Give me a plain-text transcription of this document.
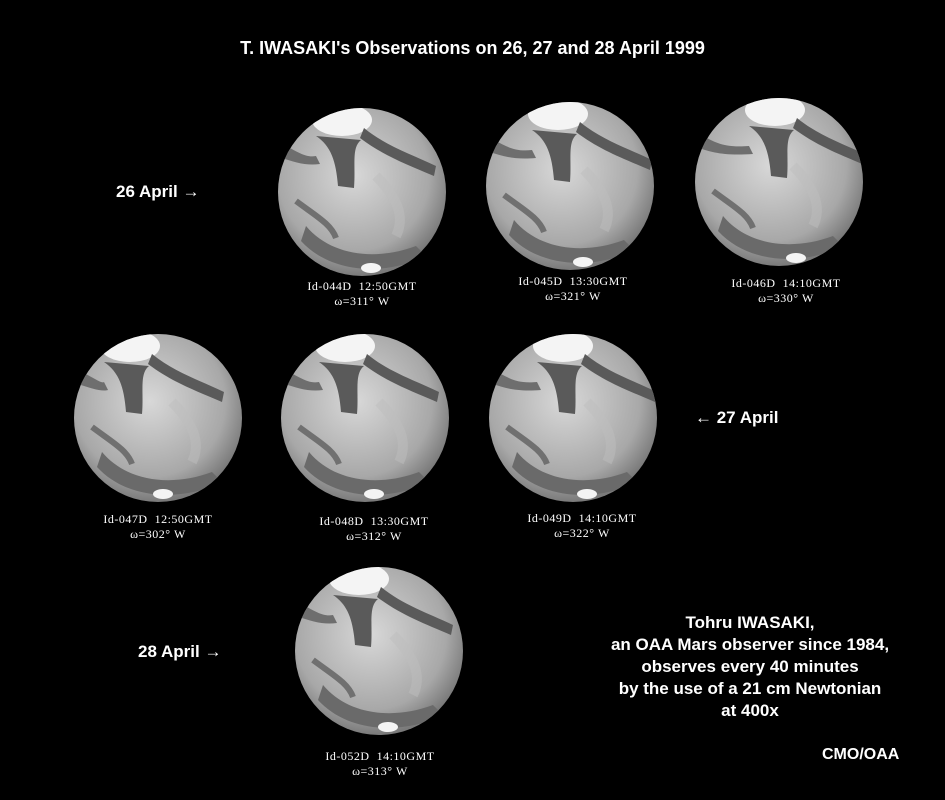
T. IWASAKI's Observations on 26, 27 and 28 April 1999
26 April →
← 27 April
28 April →
Id-044D 12:50GMT
ω=311° W
Id-045D 13:30GMT
ω=321° W
Id-046D 14:10GMT
ω=330° W
Id-047D 12:50GMT
ω=302° W
Id-048D 13:30GMT
ω=312° W
Id-049D 14:10GMT
ω=322° W
Id-052D 14:10GMT
ω=313° W
Tohru IWASAKI,
an OAA Mars observer since 1984,
observes every 40 minutes
by the use of a 21 cm Newtonian
at 400x
CMO/OAA
